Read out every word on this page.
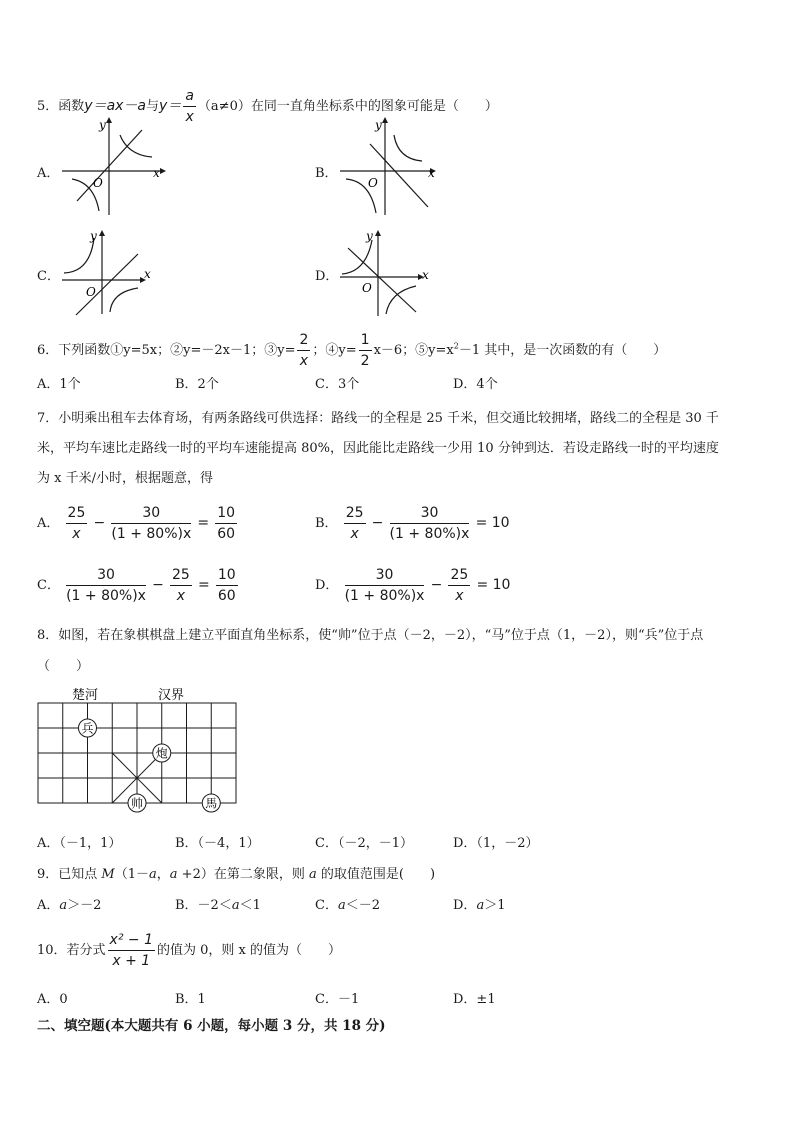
5．函数y＝ax－a与$y= \frac{a}{x} (a\ne 0)$在同一直角坐标系中的图象可能是（　　）
A．	B．
C．	D．
x
y
O
x
y
O
x
y
O
x
y
O
6．下列函数①y=5x；②y=－2x－1；③y= $\frac{2}{x}$ ；④y= $\frac{1}{2} x-6$；$⑤y=x^2-1$ 其中，是一次函数的有（　　）
A．1个	B．2个	C．3个	D．4个
7．小明乘出租车去体育场，有两条路线可供选择：路线一的全程是 25 千米，但交通比较拥堵，路线二的全程是 30 千
米，平均车速比走路线一时的平均车速能提高 80%，因此能比走路线一少用 10 分钟到达．若设走路线一时的平均速度
为 x 千米/小时，根据题意，得
A． $\frac{25}{x} - \frac{30}{(1 + 80\%)x} = \frac{10}{60}$	B． $\frac{25}{x} - \frac{30}{(1 + 80\%)x} = 10$
C． $\frac{30}{(1 + 80\%)x} - \frac{25}{x} = \frac{10}{60}$	D． $\frac{30}{(1 + 80\%)x} - \frac{25}{x} = 10$
8．如图，若在象棋棋盘上建立平面直角坐标系，使“帅”位于点（－2，－2），“马”位于点（1，－2），则“兵”位于点
（　　）
楚河	汉界
兵
炮
帅	馬
A．（－1，1）	B．（－4，1）	C．（－2，－1）	D．（1，－2）
9．已知点 M（1－a，a +2）在第二象限，则 a 的取值范围是(　　)
A．a＞－2	B．－2＜a＜1	C．a＜－2	D．a＞1
10．若分式 $\frac{\text{x² − 1}}{x + 1}$ 的值为 0，则 x 的值为（　　）
A．0	B．1	C．－1	D．±1
二、填空题(本大题共有 6 小题，每小题 3 分，共 18 分)
